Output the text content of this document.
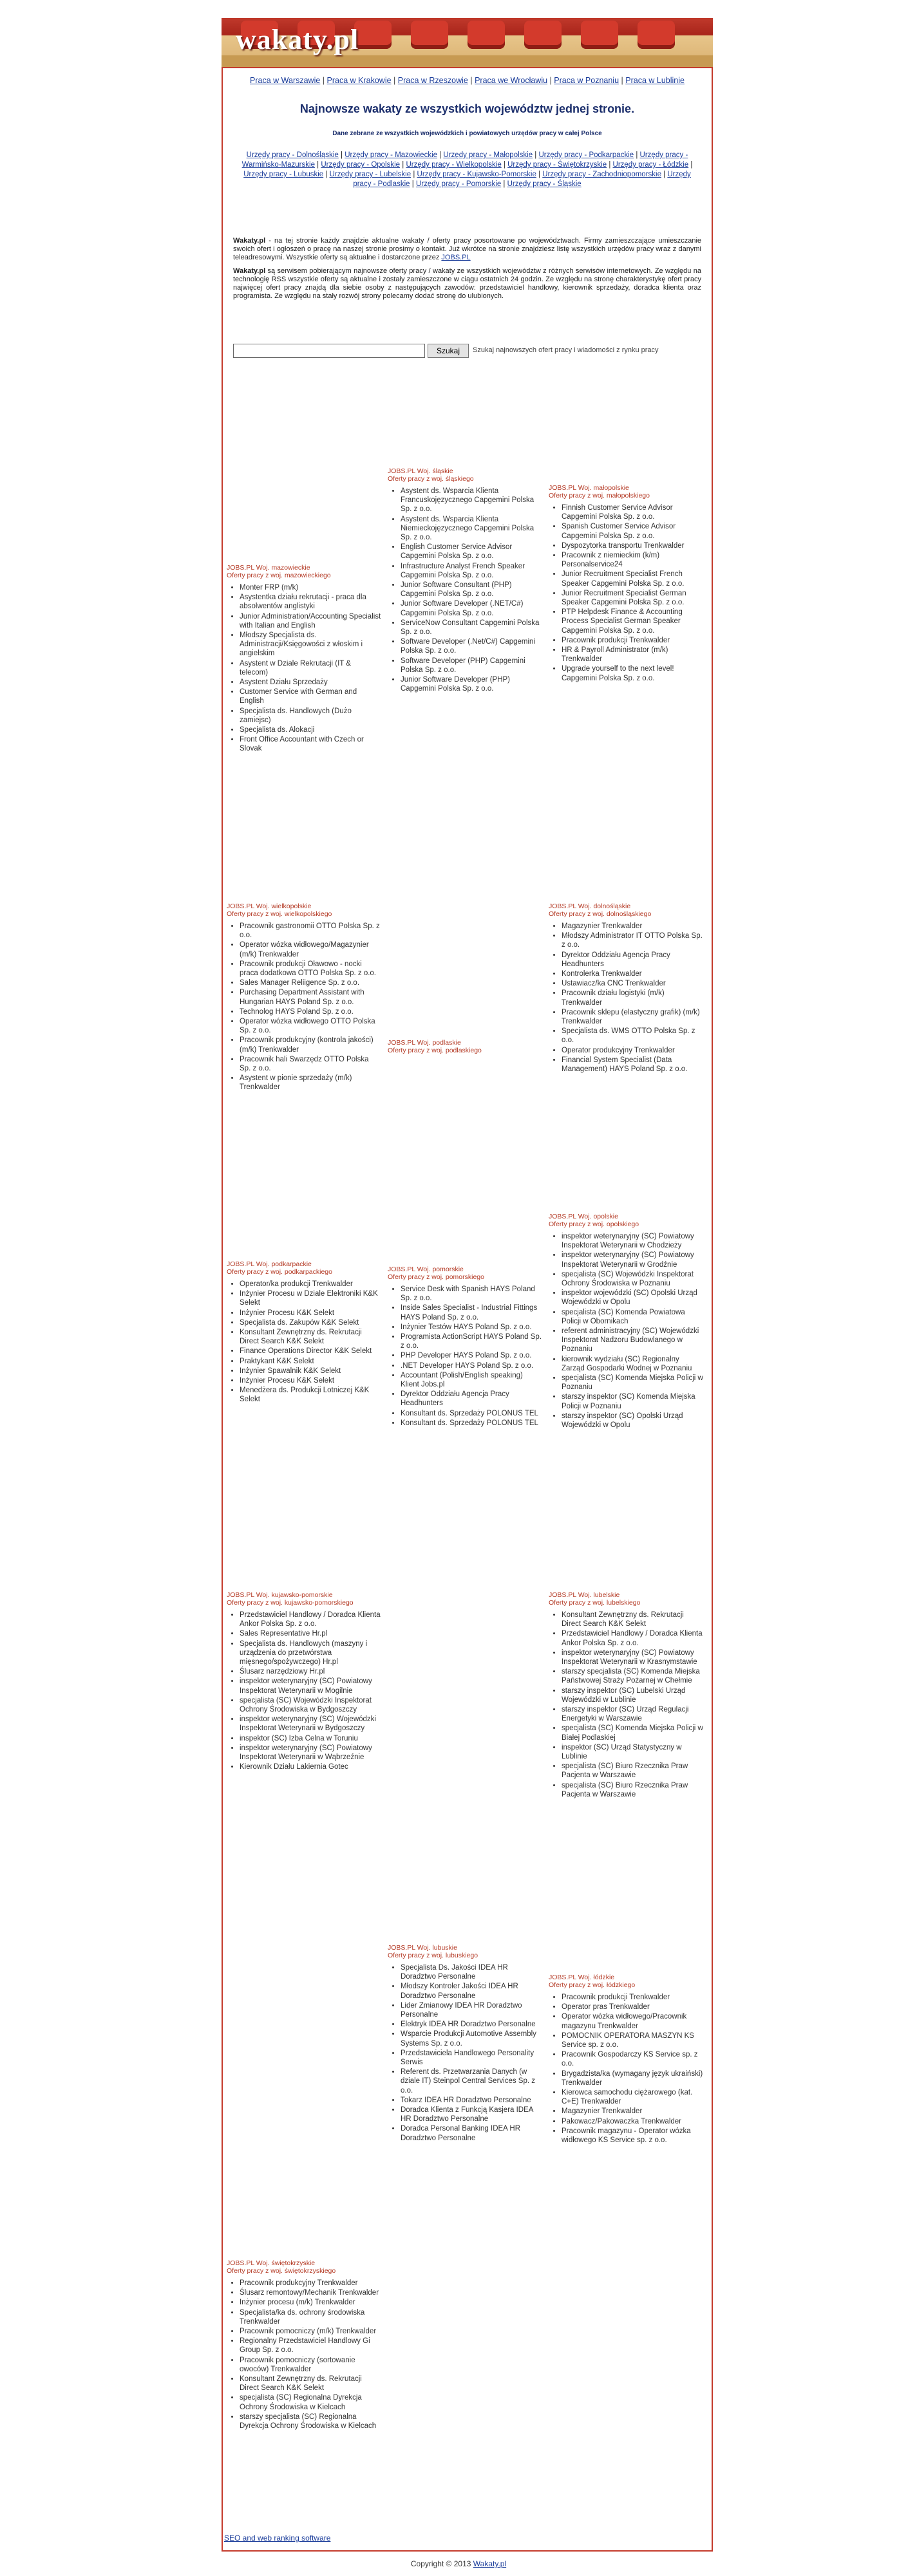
wakaty.pl
Praca w Warszawie | Praca w Krakowie | Praca w Rzeszowie | Praca we Wrocławiu | Praca w Poznaniu | Praca w Lublinie
Najnowsze wakaty ze wszystkich województw jednej stronie.
Dane zebrane ze wszystkich wojewódzkich i powiatowych urzędów pracy w całej Polsce
Urzędy pracy - Dolnośląskie | Urzędy pracy - Mazowieckie | Urzędy pracy - Małopolskie | Urzędy pracy - Podkarpackie | Urzędy pracy - Warmińsko-Mazurskie | Urzędy pracy - Opolskie | Urzędy pracy - Wielkopolskie | Urzędy pracy - Świętokrzyskie | Urzędy pracy - Łódzkie | Urzędy pracy - Lubuskie | Urzędy pracy - Lubelskie | Urzędy pracy - Kujawsko-Pomorskie | Urzędy pracy - Zachodniopomorskie | Urzędy pracy - Podlaskie | Urzędy pracy - Pomorskie | Urzędy pracy - Śląskie

Wakaty.pl - na tej stronie każdy znajdzie aktualne wakaty / oferty pracy posortowane po województwach. Firmy zamieszczające umieszczanie swoich ofert i ogłoszeń o pracę na naszej stronie prosimy o kontakt. Już wkrótce na stronie znajdziesz listę wszystkich urzędów pracy wraz z danymi teleadresowymi. Wszystkie oferty są aktualne i dostarczone przez JOBS.PL

Wakaty.pl są serwisem pobierającym najnowsze oferty pracy / wakaty ze wszystkich województw z różnych serwisów internetowych. Ze względu na technologię RSS wszystkie oferty są aktualne i zostały zamieszczone w ciągu ostatnich 24 godzin. Ze względu na stronę charakterystykę ofert pracy najwięcej ofert pracy znajdą dla siebie osoby z następujących zawodów: przedstawiciel handlowy, kierownik sprzedaży, doradca klienta oraz programista. Ze względu na stały rozwój strony polecamy dodać stronę do ulubionych.

Szukaj	Szukaj najnowszych ofert pracy i wiadomości z rynku pracy
JOBS.PL Woj. mazowieckie
Oferty pracy z woj. mazowieckiego
• Monter FRP (m/k)
• Asystentka działu rekrutacji - praca dla absolwentów anglistyki
• Junior Administration/Accounting Specialist with Italian and English
• Młodszy Specjalista ds. Administracji/Księgowości z włoskim i angielskim
• Asystent w Dziale Rekrutacji (IT & telecom)
• Asystent Działu Sprzedaży
• Customer Service with German and English
• Specjalista ds. Handlowych (Dużo zamiejsc)
• Specjalista ds. Alokacji
• Front Office Accountant with Czech or Slovak
JOBS.PL Woj. śląskie
Oferty pracy z woj. śląskiego
• Asystent ds. Wsparcia Klienta Francuskojęzycznego Capgemini Polska Sp. z o.o.
• Asystent ds. Wsparcia Klienta Niemieckojęzycznego Capgemini Polska Sp. z o.o.
• English Customer Service Advisor Capgemini Polska Sp. z o.o.
• Infrastructure Analyst French Speaker Capgemini Polska Sp. z o.o.
• Junior Software Consultant (PHP) Capgemini Polska Sp. z o.o.
• Junior Software Developer (.NET/C#) Capgemini Polska Sp. z o.o.
• ServiceNow Consultant Capgemini Polska Sp. z o.o.
• Software Developer (.Net/C#) Capgemini Polska Sp. z o.o.
• Software Developer (PHP) Capgemini Polska Sp. z o.o.
• Junior Software Developer (PHP) Capgemini Polska Sp. z o.o.
JOBS.PL Woj. małopolskie
Oferty pracy z woj. małopolskiego
• Finnish Customer Service Advisor Capgemini Polska Sp. z o.o.
• Spanish Customer Service Advisor Capgemini Polska Sp. z o.o.
• Dyspozytorka transportu Trenkwalder
• Pracownik z niemieckim (k/m) Personalservice24
• Junior Recruitment Specialist French Speaker Capgemini Polska Sp. z o.o.
• Junior Recruitment Specialist German Speaker Capgemini Polska Sp. z o.o.
• PTP Helpdesk Finance & Accounting Process Specialist German Speaker Capgemini Polska Sp. z o.o.
• Pracownik produkcji Trenkwalder
• HR & Payroll Administrator (m/k) Trenkwalder
• Upgrade yourself to the next level! Capgemini Polska Sp. z o.o.
JOBS.PL Woj. wielkopolskie
Oferty pracy z woj. wielkopolskiego
• Pracownik gastronomii OTTO Polska Sp. z o.o.
• Operator wózka widłowego/Magazynier (m/k) Trenkwalder
• Pracownik produkcji Oławowo - nocki praca dodatkowa OTTO Polska Sp. z o.o.
• Sales Manager Reliigence Sp. z o.o.
• Purchasing Department Assistant with Hungarian HAYS Poland Sp. z o.o.
• Technolog HAYS Poland Sp. z o.o.
• Operator wózka widłowego OTTO Polska Sp. z o.o.
• Pracownik produkcyjny (kontrola jakości) (m/k) Trenkwalder
• Pracownik hali Swarzędz OTTO Polska Sp. z o.o.
• Asystent w pionie sprzedaży (m/k) Trenkwalder
JOBS.PL Woj. podlaskie
Oferty pracy z woj. podlaskiego
JOBS.PL Woj. dolnośląskie
Oferty pracy z woj. dolnośląskiego
• Magazynier Trenkwalder
• Młodszy Administrator IT OTTO Polska Sp. z o.o.
• Dyrektor Oddziału Agencja Pracy Headhunters
• Kontrolerka Trenkwalder
• Ustawiacz/ka CNC Trenkwalder
• Pracownik działu logistyki (m/k) Trenkwalder
• Pracownik sklepu (elastyczny grafik) (m/k) Trenkwalder
• Specjalista ds. WMS OTTO Polska Sp. z o.o.
• Operator produkcyjny Trenkwalder
• Financial System Specialist (Data Management) HAYS Poland Sp. z o.o.
JOBS.PL Woj. podkarpackie
Oferty pracy z woj. podkarpackiego
• Operator/ka produkcji Trenkwalder
• Inżynier Procesu w Dziale Elektroniki K&K Selekt
• Inżynier Procesu K&K Selekt
• Specjalista ds. Zakupów K&K Selekt
• Konsultant Zewnętrzny ds. Rekrutacji Direct Search K&K Selekt
• Finance Operations Director K&K Selekt
• Praktykant K&K Selekt
• Inżynier Spawalnik K&K Selekt
• Inżynier Procesu K&K Selekt
• Menedżera ds. Produkcji Lotniczej K&K Selekt
JOBS.PL Woj. pomorskie
Oferty pracy z woj. pomorskiego
• Service Desk with Spanish HAYS Poland Sp. z o.o.
• Inside Sales Specialist - Industrial Fittings HAYS Poland Sp. z o.o.
• Inżynier Testów HAYS Poland Sp. z o.o.
• Programista ActionScript HAYS Poland Sp. z o.o.
• PHP Developer HAYS Poland Sp. z o.o.
• .NET Developer HAYS Poland Sp. z o.o.
• Accountant (Polish/English speaking) Klient Jobs.pl
• Dyrektor Oddziału Agencja Pracy Headhunters
• Konsultant ds. Sprzedaży POLONUS TEL
• Konsultant ds. Sprzedaży POLONUS TEL
JOBS.PL Woj. opolskie
Oferty pracy z woj. opolskiego
• inspektor weterynaryjny (SC) Powiatowy Inspektorat Weterynarii w Chodzieży
• inspektor weterynaryjny (SC) Powiatowy Inspektorat Weterynarii w Grodźnie
• specjalista (SC) Wojewódzki Inspektorat Ochrony Środowiska w Poznaniu
• inspektor wojewódzki (SC) Opolski Urząd Wojewódzki w Opolu
• specjalista (SC) Komenda Powiatowa Policji w Obornikach
• referent administracyjny (SC) Wojewódzki Inspektorat Nadzoru Budowlanego w Poznaniu
• kierownik wydziału (SC) Regionalny Zarząd Gospodarki Wodnej w Poznaniu
• specjalista (SC) Komenda Miejska Policji w Poznaniu
• starszy inspektor (SC) Komenda Miejska Policji w Poznaniu
• starszy inspektor (SC) Opolski Urząd Wojewódzki w Opolu
JOBS.PL Woj. kujawsko-pomorskie
Oferty pracy z woj. kujawsko-pomorskiego
• Przedstawiciel Handlowy / Doradca Klienta Ankor Polska Sp. z o.o.
• Sales Representative Hr.pl
• Specjalista ds. Handlowych (maszyny i urządzenia do przetwórstwa mięsnego/spożywczego) Hr.pl
• Ślusarz narzędziowy Hr.pl
• inspektor weterynaryjny (SC) Powiatowy Inspektorat Weterynarii w Mogilnie
• specjalista (SC) Wojewódzki Inspektorat Ochrony Środowiska w Bydgoszczy
• inspektor weterynaryjny (SC) Wojewódzki Inspektorat Weterynarii w Bydgoszczy
• inspektor (SC) Izba Celna w Toruniu
• inspektor weterynaryjny (SC) Powiatowy Inspektorat Weterynarii w Wąbrzeźnie
• Kierownik Działu Lakiernia Gotec
JOBS.PL Woj. lubelskie
Oferty pracy z woj. lubelskiego
• Konsultant Zewnętrzny ds. Rekrutacji Direct Search K&K Selekt
• Przedstawiciel Handlowy / Doradca Klienta Ankor Polska Sp. z o.o.
• inspektor weterynaryjny (SC) Powiatowy Inspektorat Weterynarii w Krasnymstawie
• starszy specjalista (SC) Komenda Miejska Państwowej Straży Pożarnej w Chełmie
• starszy inspektor (SC) Lubelski Urząd Wojewódzki w Lublinie
• starszy inspektor (SC) Urząd Regulacji Energetyki w Warszawie
• specjalista (SC) Komenda Miejska Policji w Białej Podlaskiej
• inspektor (SC) Urząd Statystyczny w Lublinie
• specjalista (SC) Biuro Rzecznika Praw Pacjenta w Warszawie
• specjalista (SC) Biuro Rzecznika Praw Pacjenta w Warszawie
JOBS.PL Woj. lubuskie
Oferty pracy z woj. lubuskiego
• Specjalista Ds. Jakości IDEA HR Doradztwo Personalne
• Młodszy Kontroler Jakości IDEA HR Doradztwo Personalne
• Lider Zmianowy IDEA HR Doradztwo Personalne
• Elektryk IDEA HR Doradztwo Personalne
• Wsparcie Produkcji Automotive Assembly Systems Sp. z o.o.
• Przedstawiciela Handlowego Personality Serwis
• Referent ds. Przetwarzania Danych (w dziale IT) Steinpol Central Services Sp. z o.o.
• Tokarz IDEA HR Doradztwo Personalne
• Doradca Klienta z Funkcją Kasjera IDEA HR Doradztwo Personalne
• Doradca Personal Banking IDEA HR Doradztwo Personalne
JOBS.PL Woj. łódzkie
Oferty pracy z woj. łódzkiego
• Pracownik produkcji Trenkwalder
• Operator pras Trenkwalder
• Operator wózka widłowego/Pracownik magazynu Trenkwalder
• POMOCNIK OPERATORA MASZYN KS Service sp. z o.o.
• Pracownik Gospodarczy KS Service sp. z o.o.
• Brygadzista/ka (wymagany język ukraiński) Trenkwalder
• Kierowca samochodu ciężarowego (kat. C+E) Trenkwalder
• Magazynier Trenkwalder
• Pakowacz/Pakowaczka Trenkwalder
• Pracownik magazynu - Operator wózka widłowego KS Service sp. z o.o.
JOBS.PL Woj. świętokrzyskie
Oferty pracy z woj. świętokrzyskiego
• Pracownik produkcyjny Trenkwalder
• Ślusarz remontowy/Mechanik Trenkwalder
• Inżynier procesu (m/k) Trenkwalder
• Specjalista/ka ds. ochrony środowiska Trenkwalder
• Pracownik pomocniczy (m/k) Trenkwalder
• Regionalny Przedstawiciel Handlowy Gi Group Sp. z o.o.
• Pracownik pomocniczy (sortowanie owoców) Trenkwalder
• Konsultant Zewnętrzny ds. Rekrutacji Direct Search K&K Selekt
• specjalista (SC) Regionalna Dyrekcja Ochrony Środowiska w Kielcach
• starszy specjalista (SC) Regionalna Dyrekcja Ochrony Środowiska w Kielcach
SEO and web ranking software
Copyright © 2013 Wakaty.pl
